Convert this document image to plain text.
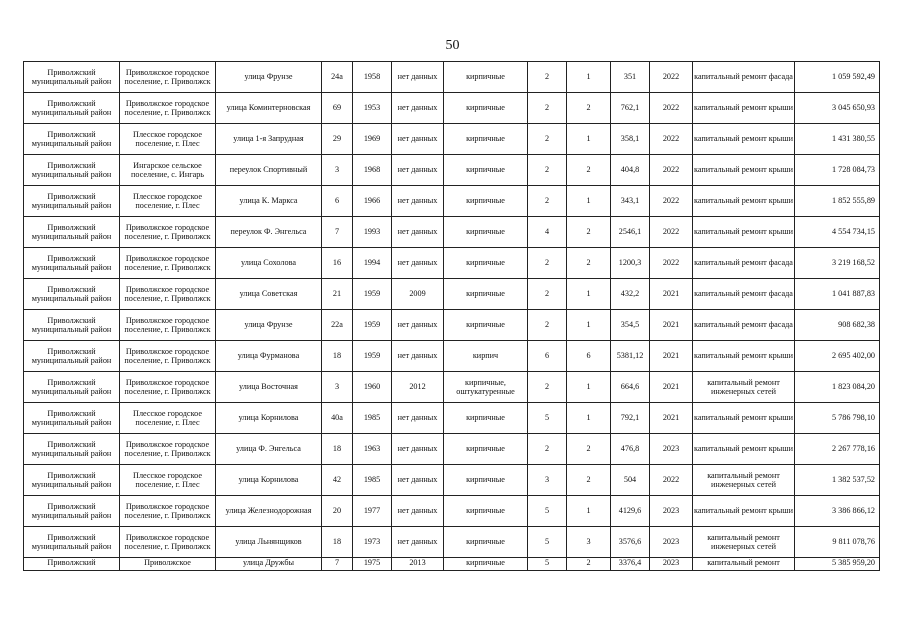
50
Приволжский муниципальный район	Приволжское городское поселение, г. Приволжск	улица Фрунзе	24а	1958	нет данных	кирпичные	2	1	351	2022	капитальный ремонт фасада	1 059 592,49
Приволжский муниципальный район	Приволжское городское поселение, г. Приволжск	улица Коминтерновская	69	1953	нет данных	кирпичные	2	2	762,1	2022	капитальный ремонт крыши	3 045 650,93
Приволжский муниципальный район	Плесское городское поселение, г. Плес	улица 1-я Запрудная	29	1969	нет данных	кирпичные	2	1	358,1	2022	капитальный ремонт крыши	1 431 380,55
Приволжский муниципальный район	Ингарское сельское поселение, с. Ингарь	переулок Спортивный	3	1968	нет данных	кирпичные	2	2	404,8	2022	капитальный ремонт крыши	1 728 084,73
Приволжский муниципальный район	Плесское городское поселение, г. Плес	улица К. Маркса	6	1966	нет данных	кирпичные	2	1	343,1	2022	капитальный ремонт крыши	1 852 555,89
Приволжский муниципальный район	Приволжское городское поселение, г. Приволжск	переулок Ф. Энгельса	7	1993	нет данных	кирпичные	4	2	2546,1	2022	капитальный ремонт крыши	4 554 734,15
Приволжский муниципальный район	Приволжское городское поселение, г. Приволжск	улица Сохолова	16	1994	нет данных	кирпичные	2	2	1200,3	2022	капитальный ремонт фасада	3 219 168,52
Приволжский муниципальный район	Приволжское городское поселение, г. Приволжск	улица Советская	21	1959	2009	кирпичные	2	1	432,2	2021	капитальный ремонт фасада	1 041 887,83
Приволжский муниципальный район	Приволжское городское поселение, г. Приволжск	улица Фрунзе	22а	1959	нет данных	кирпичные	2	1	354,5	2021	капитальный ремонт фасада	908 682,38
Приволжский муниципальный район	Приволжское городское поселение, г. Приволжск	улица Фурманова	18	1959	нет данных	кирпич	6	6	5381,12	2021	капитальный ремонт крыши	2 695 402,00
Приволжский муниципальный район	Приволжское городское поселение, г. Приволжск	улица Восточная	3	1960	2012	кирпичные, оштукатуренные	2	1	664,6	2021	капитальный ремонт инженерных сетей	1 823 084,20
Приволжский муниципальный район	Плесское городское поселение, г. Плес	улица Корнилова	40а	1985	нет данных	кирпичные	5	1	792,1	2021	капитальный ремонт крыши	5 786 798,10
Приволжский муниципальный район	Приволжское городское поселение, г. Приволжск	улица Ф. Энгельса	18	1963	нет данных	кирпичные	2	2	476,8	2023	капитальный ремонт крыши	2 267 778,16
Приволжский муниципальный район	Плесское городское поселение, г. Плес	улица Корнилова	42	1985	нет данных	кирпичные	3	2	504	2022	капитальный ремонт инженерных сетей	1 382 537,52
Приволжский муниципальный район	Приволжское городское поселение, г. Приволжск	улица Железнодорожная	20	1977	нет данных	кирпичные	5	1	4129,6	2023	капитальный ремонт крыши	3 386 866,12
Приволжский муниципальный район	Приволжское городское поселение, г. Приволжск	улица Льнянщиков	18	1973	нет данных	кирпичные	5	3	3576,6	2023	капитальный ремонт инженерных сетей	9 811 078,76
Приволжский	Приволжское	улица Дружбы	7	1975	2013	кирпичные	5	2	3376,4	2023	капитальный ремонт	5 385 959,20
